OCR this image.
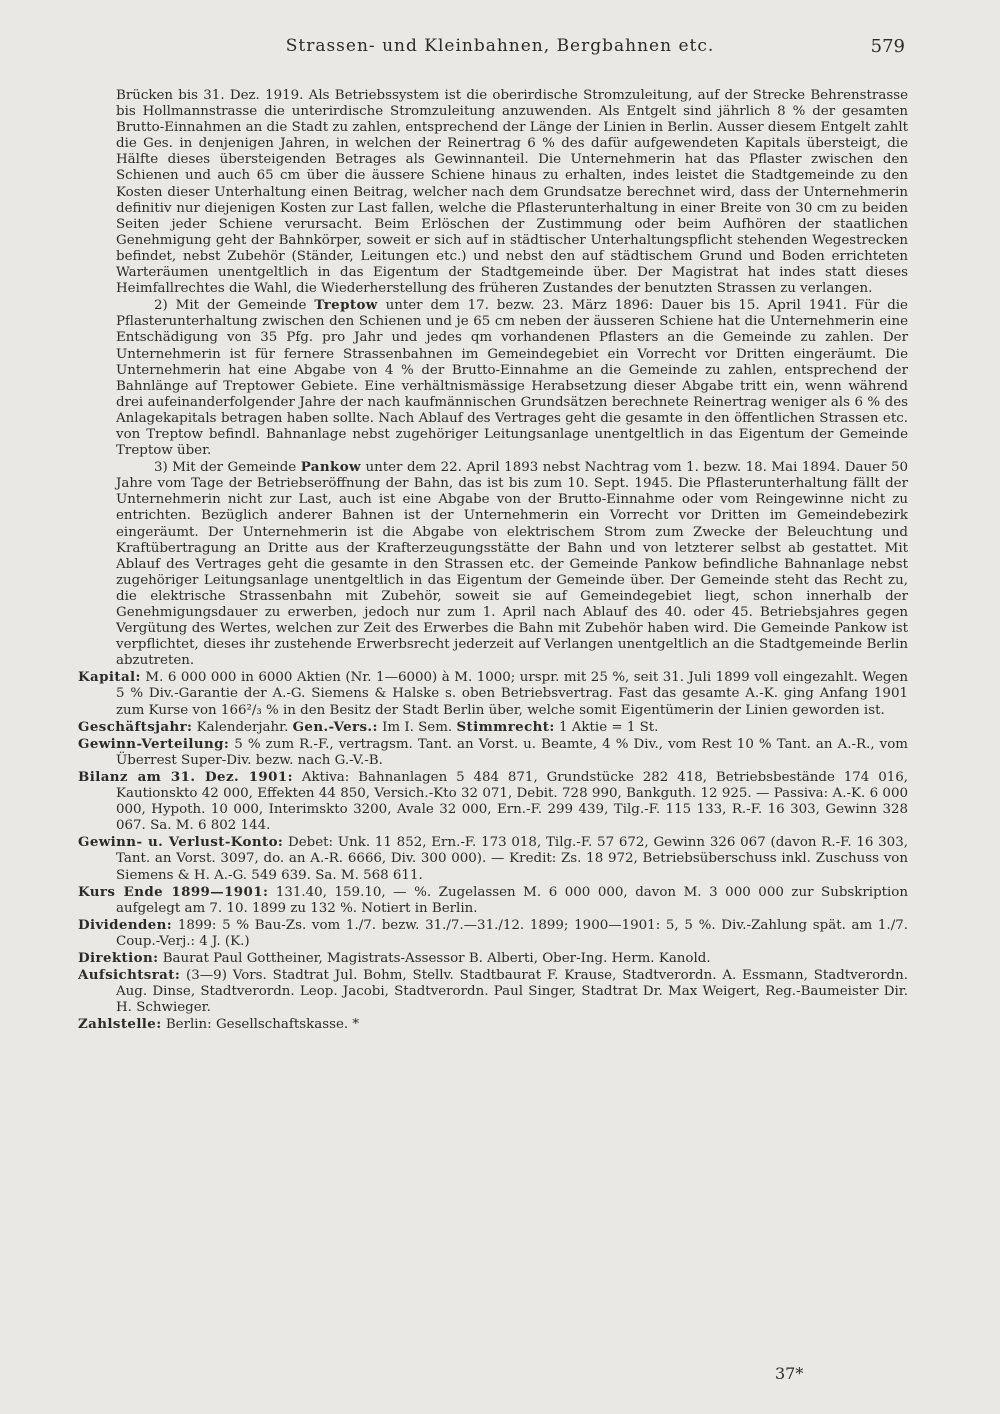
Strassen- und Kleinbahnen, Bergbahnen etc.	579

Brücken bis 31. Dez. 1919. Als Betriebssystem ist die oberirdische Stromzuleitung, auf der Strecke Behrenstrasse bis Hollmannstrasse die unterirdische Stromzuleitung anzuwenden. Als Entgelt sind jährlich 8 % der gesamten Brutto-Einnahmen an die Stadt zu zahlen, entsprechend der Länge der Linien in Berlin. Ausser diesem Entgelt zahlt die Ges. in denjenigen Jahren, in welchen der Reinertrag 6 % des dafür aufgewendeten Kapitals übersteigt, die Hälfte dieses übersteigenden Betrages als Gewinnanteil. Die Unternehmerin hat das Pflaster zwischen den Schienen und auch 65 cm über die äussere Schiene hinaus zu erhalten, indes leistet die Stadtgemeinde zu den Kosten dieser Unterhaltung einen Beitrag, welcher nach dem Grundsatze berechnet wird, dass der Unternehmerin definitiv nur diejenigen Kosten zur Last fallen, welche die Pflasterunterhaltung in einer Breite von 30 cm zu beiden Seiten jeder Schiene verursacht. Beim Erlöschen der Zustimmung oder beim Aufhören der staatlichen Genehmigung geht der Bahnkörper, soweit er sich auf in städtischer Unterhaltungspflicht stehenden Wegestrecken befindet, nebst Zubehör (Ständer, Leitungen etc.) und nebst den auf städtischem Grund und Boden errichteten Warteräumen unentgeltlich in das Eigentum der Stadtgemeinde über. Der Magistrat hat indes statt dieses Heimfallrechtes die Wahl, die Wiederherstellung des früheren Zustandes der benutzten Strassen zu verlangen.

2) Mit der Gemeinde Treptow unter dem 17. bezw. 23. März 1896: Dauer bis 15. April 1941. Für die Pflasterunterhaltung zwischen den Schienen und je 65 cm neben der äusseren Schiene hat die Unternehmerin eine Entschädigung von 35 Pfg. pro Jahr und jedes qm vorhandenen Pflasters an die Gemeinde zu zahlen. Der Unternehmerin ist für fernere Strassenbahnen im Gemeindegebiet ein Vorrecht vor Dritten eingeräumt. Die Unternehmerin hat eine Abgabe von 4 % der Brutto-Einnahme an die Gemeinde zu zahlen, entsprechend der Bahnlänge auf Treptower Gebiete. Eine verhältnismässige Herabsetzung dieser Abgabe tritt ein, wenn während drei aufeinanderfolgender Jahre der nach kaufmännischen Grundsätzen berechnete Reinertrag weniger als 6 % des Anlagekapitals betragen haben sollte. Nach Ablauf des Vertrages geht die gesamte in den öffentlichen Strassen etc. von Treptow befindl. Bahnanlage nebst zugehöriger Leitungsanlage unentgeltlich in das Eigentum der Gemeinde Treptow über.

3) Mit der Gemeinde Pankow unter dem 22. April 1893 nebst Nachtrag vom 1. bezw. 18. Mai 1894. Dauer 50 Jahre vom Tage der Betriebseröffnung der Bahn, das ist bis zum 10. Sept. 1945. Die Pflasterunterhaltung fällt der Unternehmerin nicht zur Last, auch ist eine Abgabe von der Brutto-Einnahme oder vom Reingewinne nicht zu entrichten. Bezüglich anderer Bahnen ist der Unternehmerin ein Vorrecht vor Dritten im Gemeindebezirk eingeräumt. Der Unternehmerin ist die Abgabe von elektrischem Strom zum Zwecke der Beleuchtung und Kraftübertragung an Dritte aus der Krafterzeugungsstätte der Bahn und von letzterer selbst ab gestattet. Mit Ablauf des Vertrages geht die gesamte in den Strassen etc. der Gemeinde Pankow befindliche Bahnanlage nebst zugehöriger Leitungsanlage unentgeltlich in das Eigentum der Gemeinde über. Der Gemeinde steht das Recht zu, die elektrische Strassenbahn mit Zubehör, soweit sie auf Gemeindegebiet liegt, schon innerhalb der Genehmigungsdauer zu erwerben, jedoch nur zum 1. April nach Ablauf des 40. oder 45. Betriebsjahres gegen Vergütung des Wertes, welchen zur Zeit des Erwerbes die Bahn mit Zubehör haben wird. Die Gemeinde Pankow ist verpflichtet, dieses ihr zustehende Erwerbsrecht jederzeit auf Verlangen unentgeltlich an die Stadtgemeinde Berlin abzutreten.

Kapital: M. 6 000 000 in 6000 Aktien (Nr. 1—6000) à M. 1000; urspr. mit 25 %, seit 31. Juli 1899 voll eingezahlt. Wegen 5 % Div.-Garantie der A.-G. Siemens & Halske s. oben Betriebsvertrag. Fast das gesamte A.-K. ging Anfang 1901 zum Kurse von 166²/₃ % in den Besitz der Stadt Berlin über, welche somit Eigentümerin der Linien geworden ist.

Geschäftsjahr: Kalenderjahr. Gen.-Vers.: Im I. Sem. Stimmrecht: 1 Aktie = 1 St.

Gewinn-Verteilung: 5 % zum R.-F., vertragsm. Tant. an Vorst. u. Beamte, 4 % Div., vom Rest 10 % Tant. an A.-R., vom Überrest Super-Div. bezw. nach G.-V.-B.

Bilanz am 31. Dez. 1901: Aktiva: Bahnanlagen 5 484 871, Grundstücke 282 418, Betriebsbestände 174 016, Kautionskto 42 000, Effekten 44 850, Versich.-Kto 32 071, Debit. 728 990, Bankguth. 12 925. — Passiva: A.-K. 6 000 000, Hypoth. 10 000, Interimskto 3200, Avale 32 000, Ern.-F. 299 439, Tilg.-F. 115 133, R.-F. 16 303, Gewinn 328 067. Sa. M. 6 802 144.

Gewinn- u. Verlust-Konto: Debet: Unk. 11 852, Ern.-F. 173 018, Tilg.-F. 57 672, Gewinn 326 067 (davon R.-F. 16 303, Tant. an Vorst. 3097, do. an A.-R. 6666, Div. 300 000). — Kredit: Zs. 18 972, Betriebsüberschuss inkl. Zuschuss von Siemens & H. A.-G. 549 639. Sa. M. 568 611.

Kurs Ende 1899—1901: 131.40, 159.10, — %. Zugelassen M. 6 000 000, davon M. 3 000 000 zur Subskription aufgelegt am 7. 10. 1899 zu 132 %. Notiert in Berlin.

Dividenden: 1899: 5 % Bau-Zs. vom 1./7. bezw. 31./7.—31./12. 1899; 1900—1901: 5, 5 %. Div.-Zahlung spät. am 1./7. Coup.-Verj.: 4 J. (K.)

Direktion: Baurat Paul Gottheiner, Magistrats-Assessor B. Alberti, Ober-Ing. Herm. Kanold.

Aufsichtsrat: (3—9) Vors. Stadtrat Jul. Bohm, Stellv. Stadtbaurat F. Krause, Stadtverordn. A. Essmann, Stadtverordn. Aug. Dinse, Stadtverordn. Leop. Jacobi, Stadtverordn. Paul Singer, Stadtrat Dr. Max Weigert, Reg.-Baumeister Dir. H. Schwieger.

Zahlstelle: Berlin: Gesellschaftskasse. *

37*
